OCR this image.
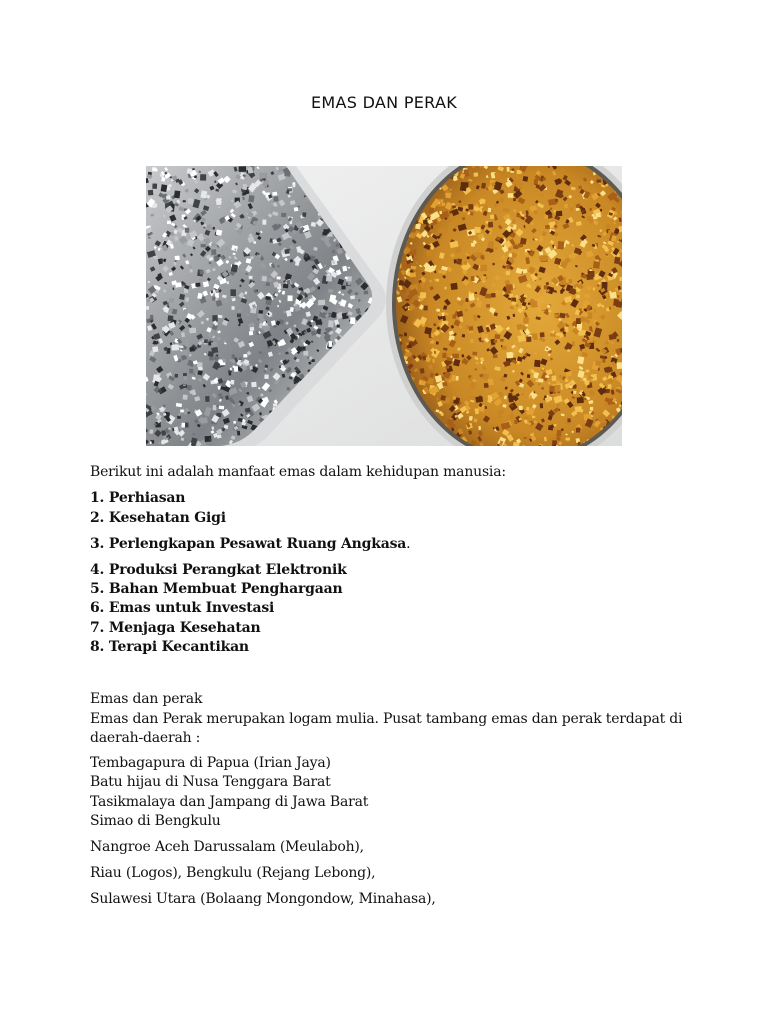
EMAS DAN PERAK
Berikut ini adalah manfaat emas dalam kehidupan manusia:
1. Perhiasan
2. Kesehatan Gigi
3. Perlengkapan Pesawat Ruang Angkasa.
4. Produksi Perangkat Elektronik
5. Bahan Membuat Penghargaan
6. Emas untuk Investasi
7. Menjaga Kesehatan
8. Terapi Kecantikan
Emas dan perak
Emas dan Perak merupakan logam mulia. Pusat tambang emas dan perak terdapat di
daerah-daerah :
Tembagapura di Papua (Irian Jaya)
Batu hijau di Nusa Tenggara Barat
Tasikmalaya dan Jampang di Jawa Barat
Simao di Bengkulu
Nangroe Aceh Darussalam (Meulaboh),
Riau (Logos), Bengkulu (Rejang Lebong),
Sulawesi Utara (Bolaang Mongondow, Minahasa),
